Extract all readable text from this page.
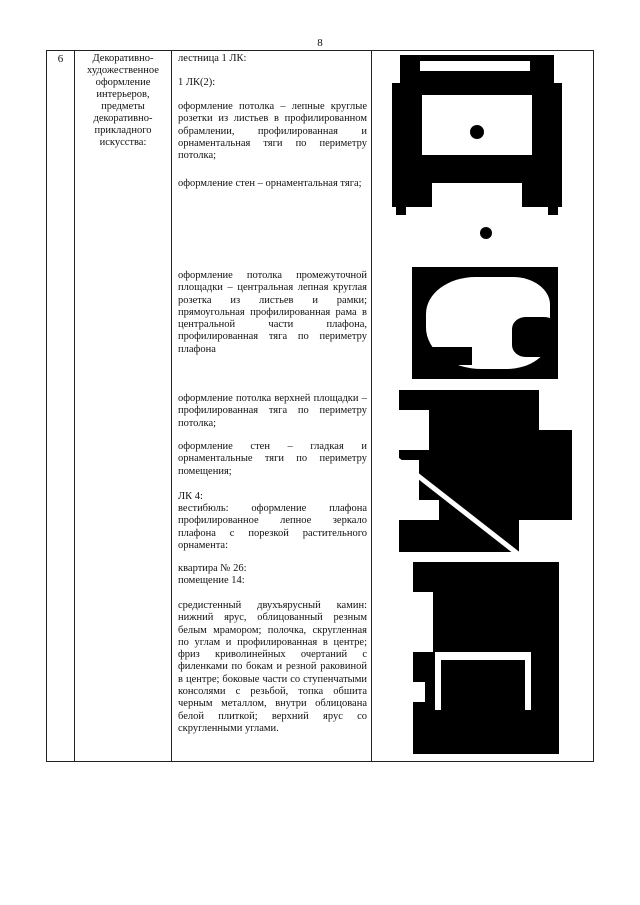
8
6	Декоративно-художественное оформление интерьеров, предметы декоративно-прикладного искусства:
лестница 1 ЛК:
1 ЛК(2):
оформление потолка – лепные круглые розетки из листьев в профилированном обрамлении, профилированная и орнаментальная тяги по периметру потолка;
оформление стен – орнаментальная тяга;
оформление потолка промежуточной площадки – центральная лепная круглая розетка из листьев и рамки; прямоугольная профилированная рама в центральной части плафона, профилированная тяга по периметру плафона
оформление потолка верхней площадки – профилированная тяга по периметру потолка;
оформление стен – гладкая и орнаментальные тяги по периметру помещения;
ЛК 4:
вестибюль: оформление плафона профилированное лепное зеркало плафона с порезкой растительного орнамента:
квартира № 26:
помещение 14:
средистенный двухъярусный камин: нижний ярус, облицованный резным белым мрамором; полочка, скругленная по углам и профилированная в центре; фриз криволинейных очертаний с филенками по бокам и резной раковиной в центре; боковые части со ступенчатыми консолями с резьбой, топка обшита черным металлом, внутри облицована белой плиткой; верхний ярус со скругленными углами.
